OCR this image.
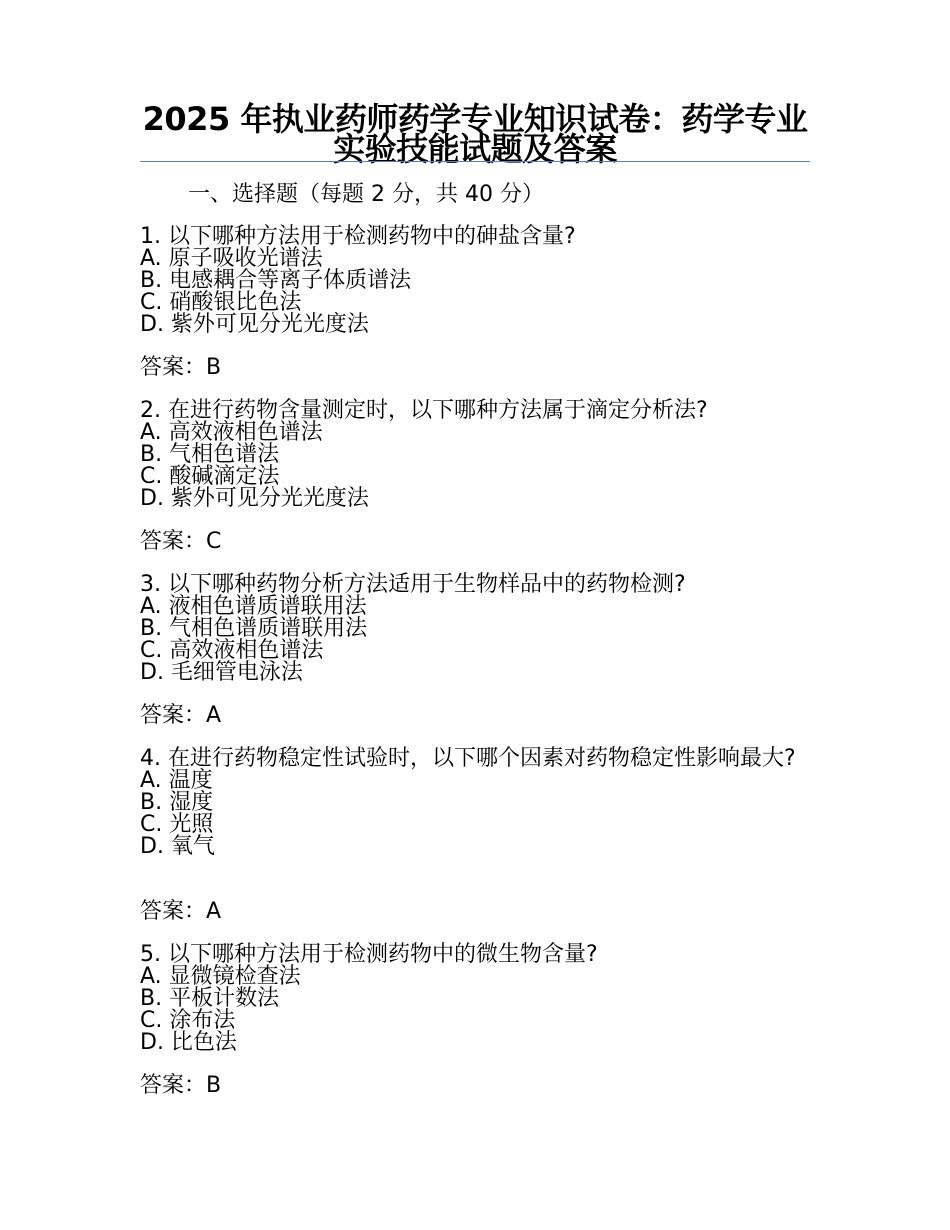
2025 年执业药师药学专业知识试卷：药学专业实验技能试题及答案
一、选择题（每题 2 分，共 40 分）
1. 以下哪种方法用于检测药物中的砷盐含量?
A. 原子吸收光谱法
B. 电感耦合等离子体质谱法
C. 硝酸银比色法
D. 紫外可见分光光度法
答案：B
2. 在进行药物含量测定时，以下哪种方法属于滴定分析法?
A. 高效液相色谱法
B. 气相色谱法
C. 酸碱滴定法
D. 紫外可见分光光度法
答案：C
3. 以下哪种药物分析方法适用于生物样品中的药物检测?
A. 液相色谱质谱联用法
B. 气相色谱质谱联用法
C. 高效液相色谱法
D. 毛细管电泳法
答案：A
4. 在进行药物稳定性试验时，以下哪个因素对药物稳定性影响最大?
A. 温度
B. 湿度
C. 光照
D. 氧气
答案：A
5. 以下哪种方法用于检测药物中的微生物含量?
A. 显微镜检查法
B. 平板计数法
C. 涂布法
D. 比色法
答案：B
